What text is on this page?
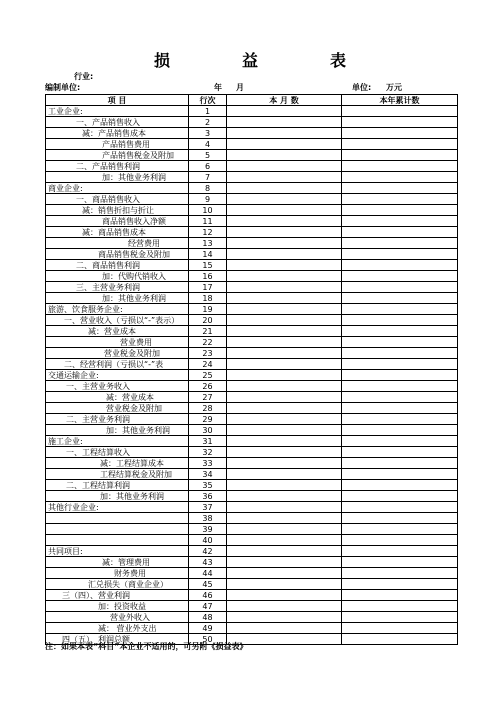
损	益	表
行业:
编制单位:	年 月	单位: 万元
项 目	行次	本 月 数	本年累计数
工业企业:	1		
一、产品销售收入	2		
减：产品销售成本	3		
产品销售费用	4		
产品销售税金及附加	5		
二、产品销售利润	6		
加：其他业务利润	7		
商业企业:	8		
一、商品销售收入	9		
减：销售折扣与折让	10		
商品销售收入净额	11		
减：商品销售成本	12		
经营费用	13		
商品销售税金及附加	14		
二、商品销售利润	15		
加：代购代销收入	16		
三、主营业务利润	17		
加：其他业务利润	18		
旅游、饮食服务企业:	19		
一、营业收入（亏损以“-”表示）	20		
减：营业成本	21		
营业费用	22		
营业税金及附加	23		
二、经营利润（亏损以“-”表	24		
交通运输企业:	25		
一、主营业务收入	26		
减：营业成本	27		
营业税金及附加	28		
二、主营业务利润	29		
加：其他业务利润	30		
施工企业:	31		
一、工程结算收入	32		
减：工程结算成本	33		
工程结算税金及附加	34		
二、工程结算利润	35		
加：其他业务利润	36		
其他行业企业:	37		
	38		
	39		
	40		
共同项目:	42		
减：管理费用	43		
财务费用	44		
汇兑损失（商业企业）	45		
三（四）、营业利润	46		
加：投资收益	47		
营业外收入	48		
减： 营业外支出	49		
四（五）、利润总额	50		
注：如果本表“科目”本企业不适用的，可另附《损益表》
